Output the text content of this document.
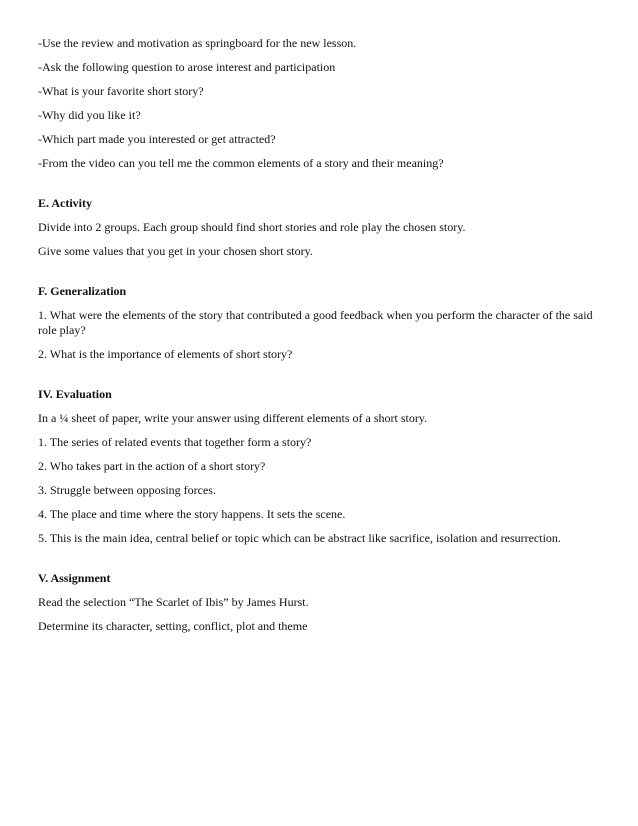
-Use the review and motivation as springboard for the new lesson.

-Ask the following question to arose interest and participation

-What is your favorite short story?

-Why did you like it?

-Which part made you interested or get attracted?

-From the video can you tell me the common elements of a story and their meaning?

E. Activity

Divide into 2 groups. Each group should find short stories and role play the chosen story.

Give some values that you get in your chosen short story.

F. Generalization

1. What were the elements of the story that contributed a good feedback when you perform the character of the said role play?

2. What is the importance of elements of short story?

IV. Evaluation

In a ¼ sheet of paper, write your answer using different elements of a short story.

1. The series of related events that together form a story?

2. Who takes part in the action of a short story?

3. Struggle between opposing forces.

4. The place and time where the story happens. It sets the scene.

5. This is the main idea, central belief or topic which can be abstract like sacrifice, isolation and resurrection.

V. Assignment

Read the selection “The Scarlet of Ibis” by James Hurst.

Determine its character, setting, conflict, plot and theme
